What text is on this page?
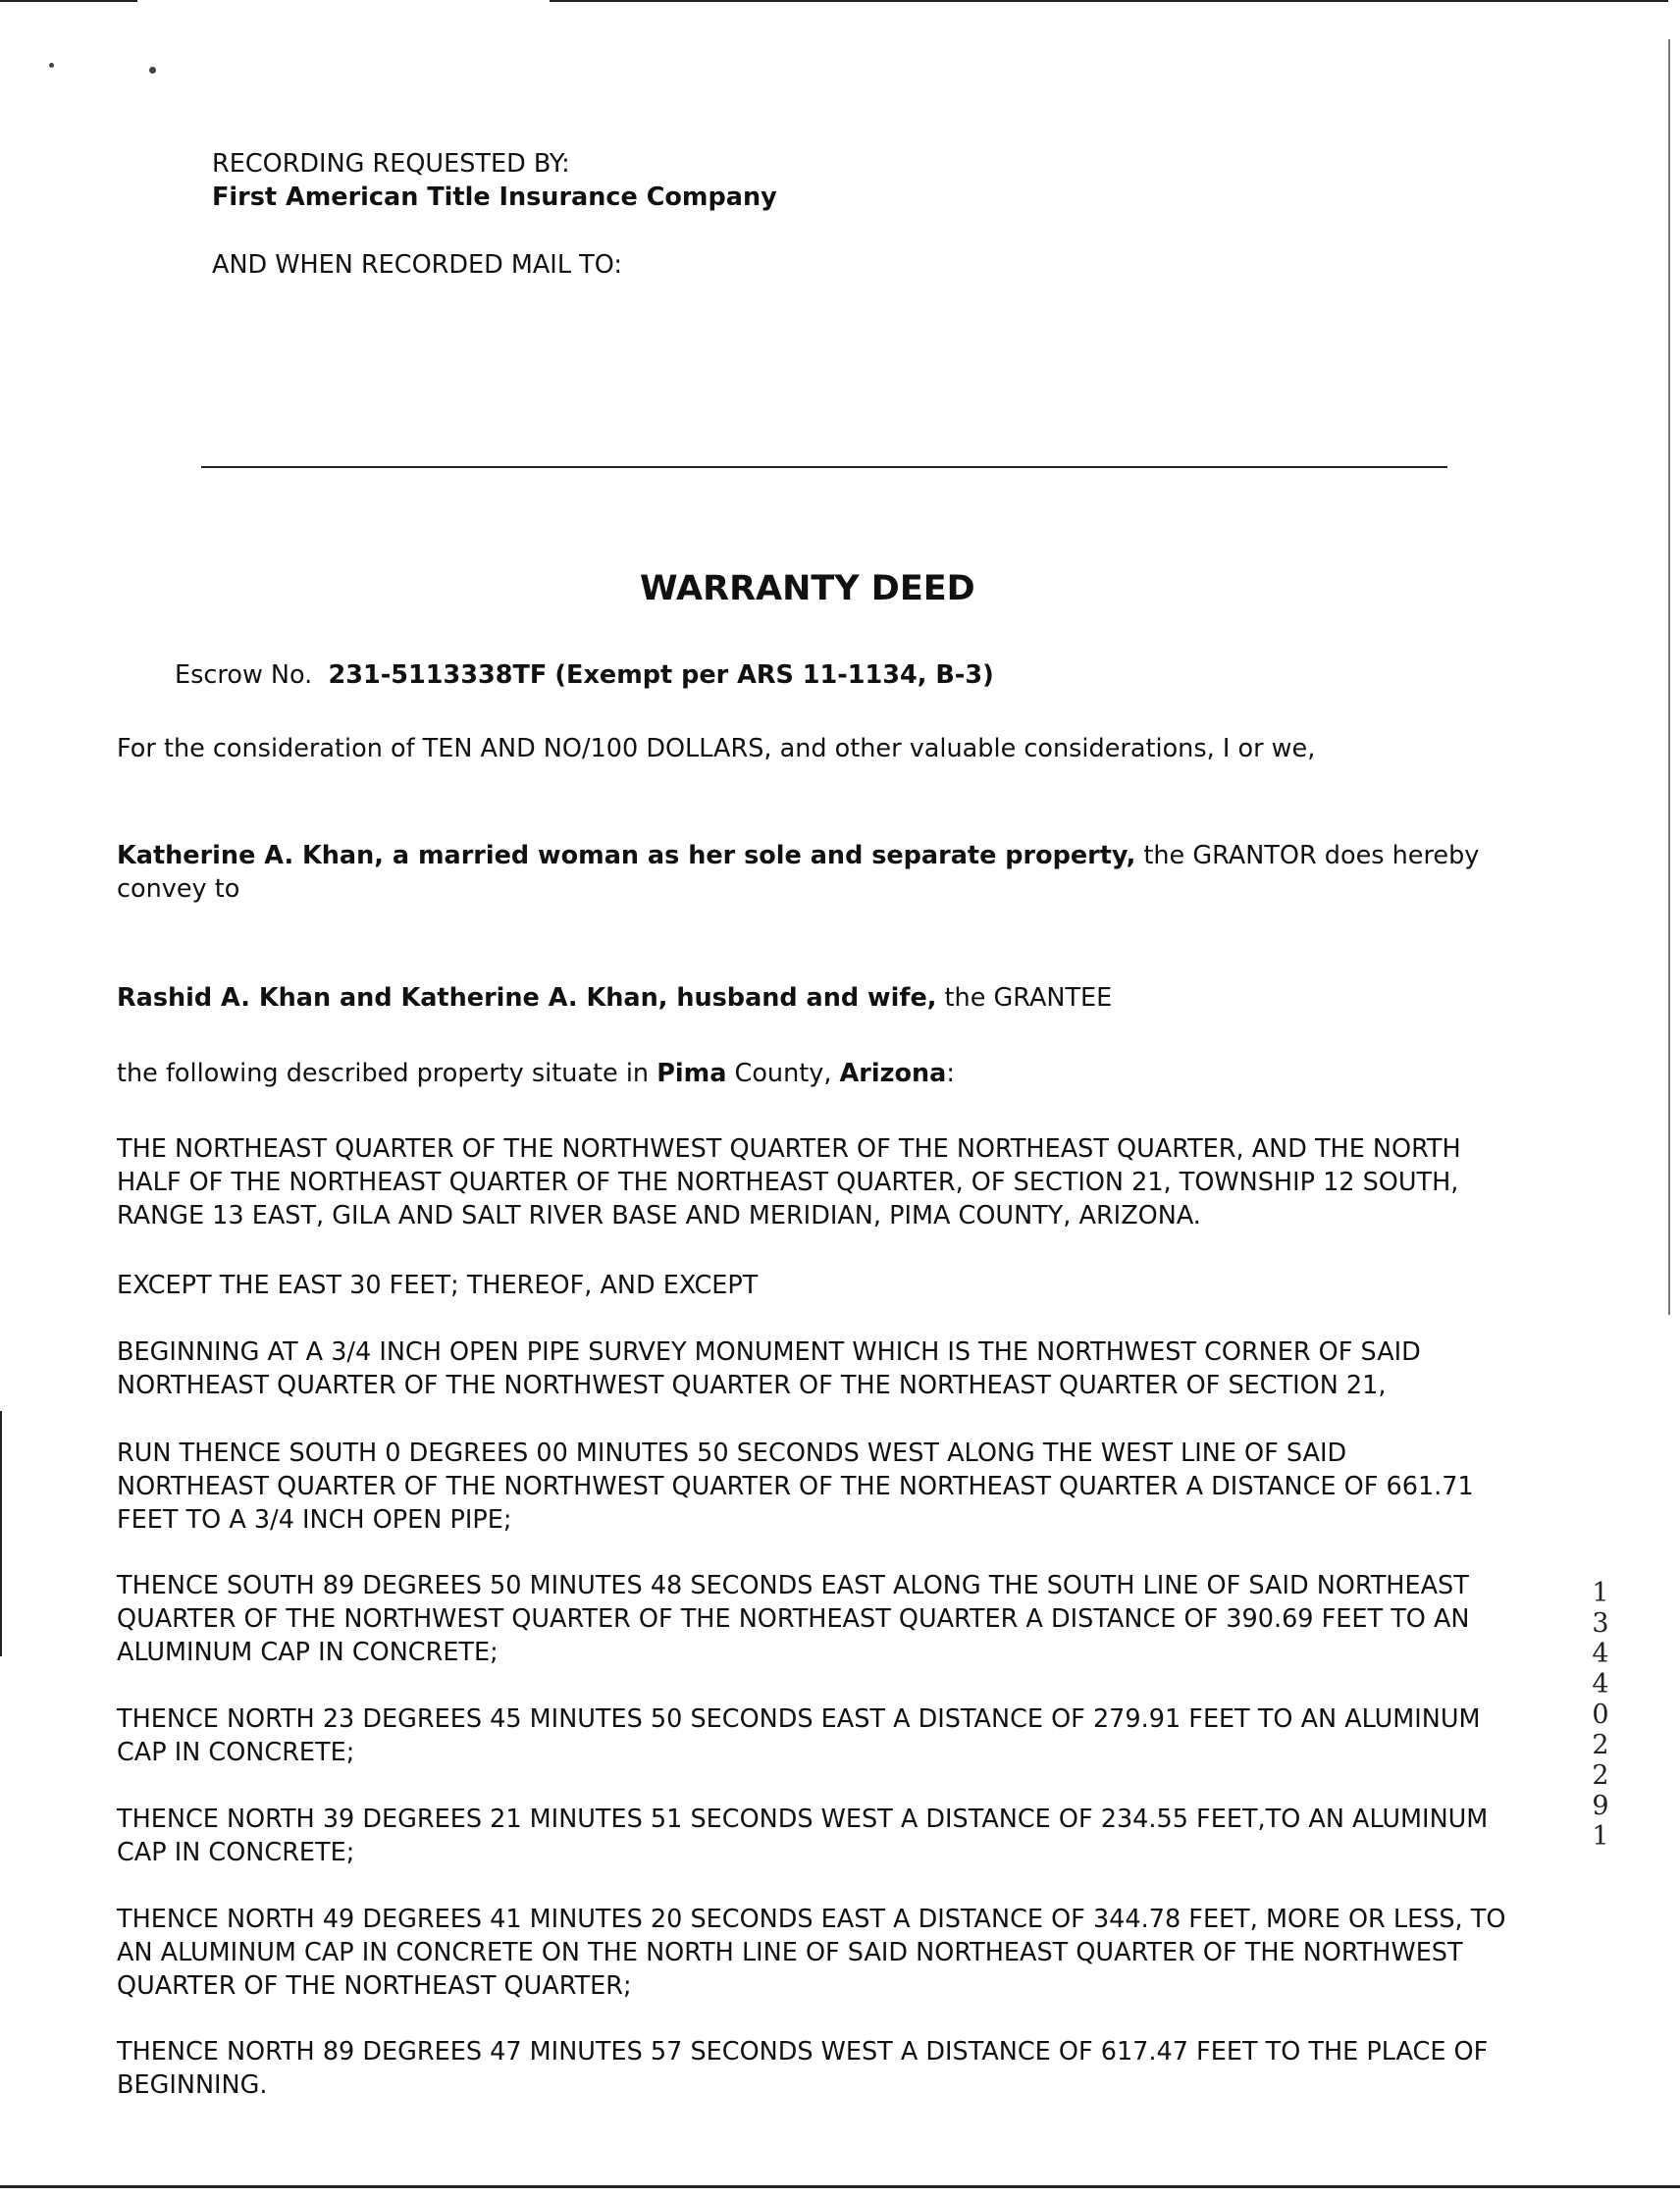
RECORDING REQUESTED BY:
First American Title Insurance Company
AND WHEN RECORDED MAIL TO:
WARRANTY DEED
Escrow No. 231-5113338TF (Exempt per ARS 11-1134, B-3)
For the consideration of TEN AND NO/100 DOLLARS, and other valuable considerations, I or we,
Katherine A. Khan, a married woman as her sole and separate property, the GRANTOR does hereby
convey to
Rashid A. Khan and Katherine A. Khan, husband and wife, the GRANTEE
the following described property situate in Pima County, Arizona:
THE NORTHEAST QUARTER OF THE NORTHWEST QUARTER OF THE NORTHEAST QUARTER, AND THE NORTH
HALF OF THE NORTHEAST QUARTER OF THE NORTHEAST QUARTER, OF SECTION 21, TOWNSHIP 12 SOUTH,
RANGE 13 EAST, GILA AND SALT RIVER BASE AND MERIDIAN, PIMA COUNTY, ARIZONA.
EXCEPT THE EAST 30 FEET; THEREOF, AND EXCEPT
BEGINNING AT A 3/4 INCH OPEN PIPE SURVEY MONUMENT WHICH IS THE NORTHWEST CORNER OF SAID
NORTHEAST QUARTER OF THE NORTHWEST QUARTER OF THE NORTHEAST QUARTER OF SECTION 21,
RUN THENCE SOUTH 0 DEGREES 00 MINUTES 50 SECONDS WEST ALONG THE WEST LINE OF SAID
NORTHEAST QUARTER OF THE NORTHWEST QUARTER OF THE NORTHEAST QUARTER A DISTANCE OF 661.71
FEET TO A 3/4 INCH OPEN PIPE;
THENCE SOUTH 89 DEGREES 50 MINUTES 48 SECONDS EAST ALONG THE SOUTH LINE OF SAID NORTHEAST
QUARTER OF THE NORTHWEST QUARTER OF THE NORTHEAST QUARTER A DISTANCE OF 390.69 FEET TO AN
ALUMINUM CAP IN CONCRETE;
THENCE NORTH 23 DEGREES 45 MINUTES 50 SECONDS EAST A DISTANCE OF 279.91 FEET TO AN ALUMINUM
CAP IN CONCRETE;
THENCE NORTH 39 DEGREES 21 MINUTES 51 SECONDS WEST A DISTANCE OF 234.55 FEET,TO AN ALUMINUM
CAP IN CONCRETE;
THENCE NORTH 49 DEGREES 41 MINUTES 20 SECONDS EAST A DISTANCE OF 344.78 FEET, MORE OR LESS, TO
AN ALUMINUM CAP IN CONCRETE ON THE NORTH LINE OF SAID NORTHEAST QUARTER OF THE NORTHWEST
QUARTER OF THE NORTHEAST QUARTER;
THENCE NORTH 89 DEGREES 47 MINUTES 57 SECONDS WEST A DISTANCE OF 617.47 FEET TO THE PLACE OF
BEGINNING.
1
3
4
4
0
2
2
9
1
